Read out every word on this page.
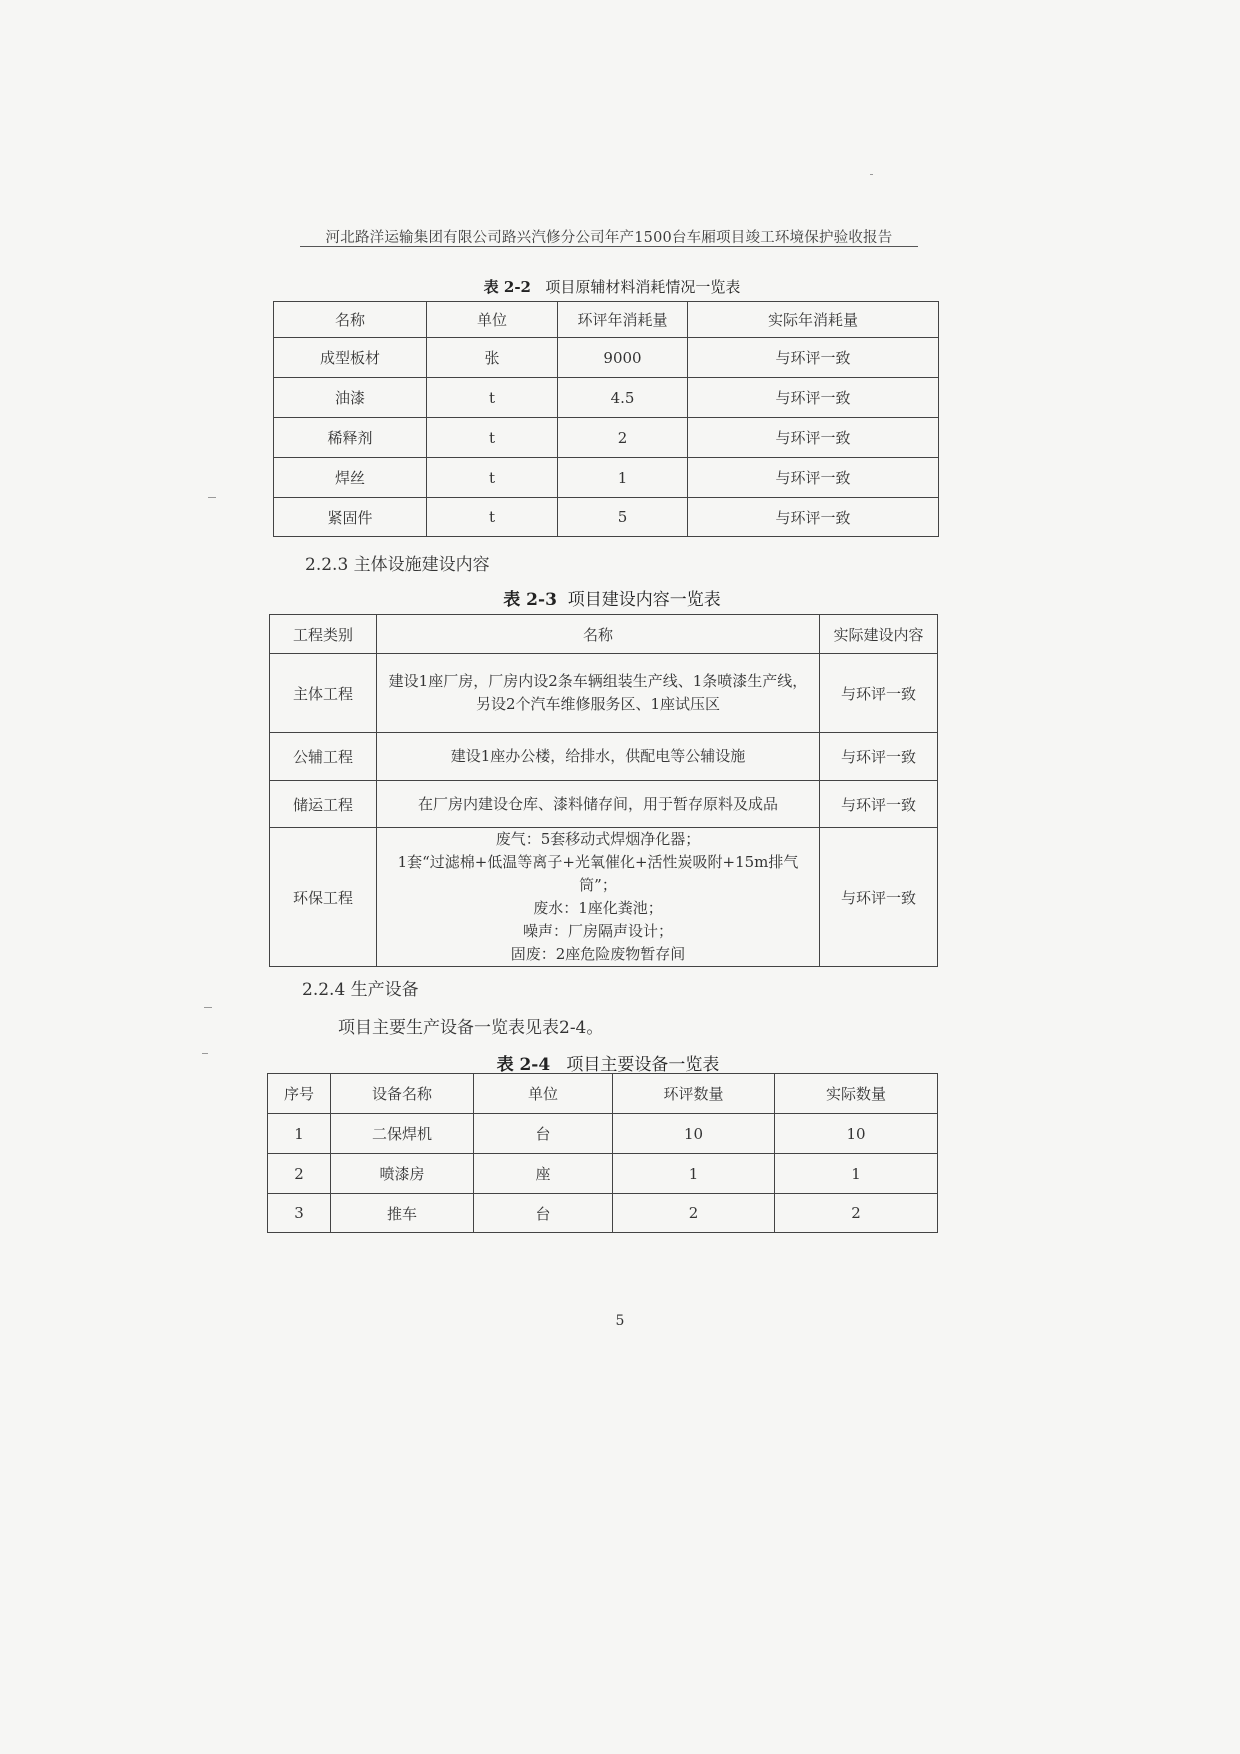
河北路洋运输集团有限公司路兴汽修分公司年产1500台车厢项目竣工环境保护验收报告
表 2-2 项目原辅材料消耗情况一览表
名称	单位	环评年消耗量	实际年消耗量
成型板材	张	9000	与环评一致
油漆	t	4.5	与环评一致
稀释剂	t	2	与环评一致
焊丝	t	1	与环评一致
紧固件	t	5	与环评一致
2.2.3 主体设施建设内容
表 2-3 项目建设内容一览表
工程类别	名称	实际建设内容
主体工程	建设1座厂房，厂房内设2条车辆组装生产线、1条喷漆生产线，
另设2个汽车维修服务区、1座试压区	与环评一致
公辅工程	建设1座办公楼，给排水，供配电等公辅设施	与环评一致
储运工程	在厂房内建设仓库、漆料储存间，用于暂存原料及成品	与环评一致
环保工程	废气：5套移动式焊烟净化器；
1套“过滤棉+低温等离子+光氧催化+活性炭吸附+15m排气筒”；
废水：1座化粪池；
噪声：厂房隔声设计；
固废：2座危险废物暂存间	与环评一致
2.2.4 生产设备
项目主要生产设备一览表见表2-4。
表 2-4 项目主要设备一览表
序号	设备名称	单位	环评数量	实际数量
1	二保焊机	台	10	10
2	喷漆房	座	1	1
3	推车	台	2	2
5
